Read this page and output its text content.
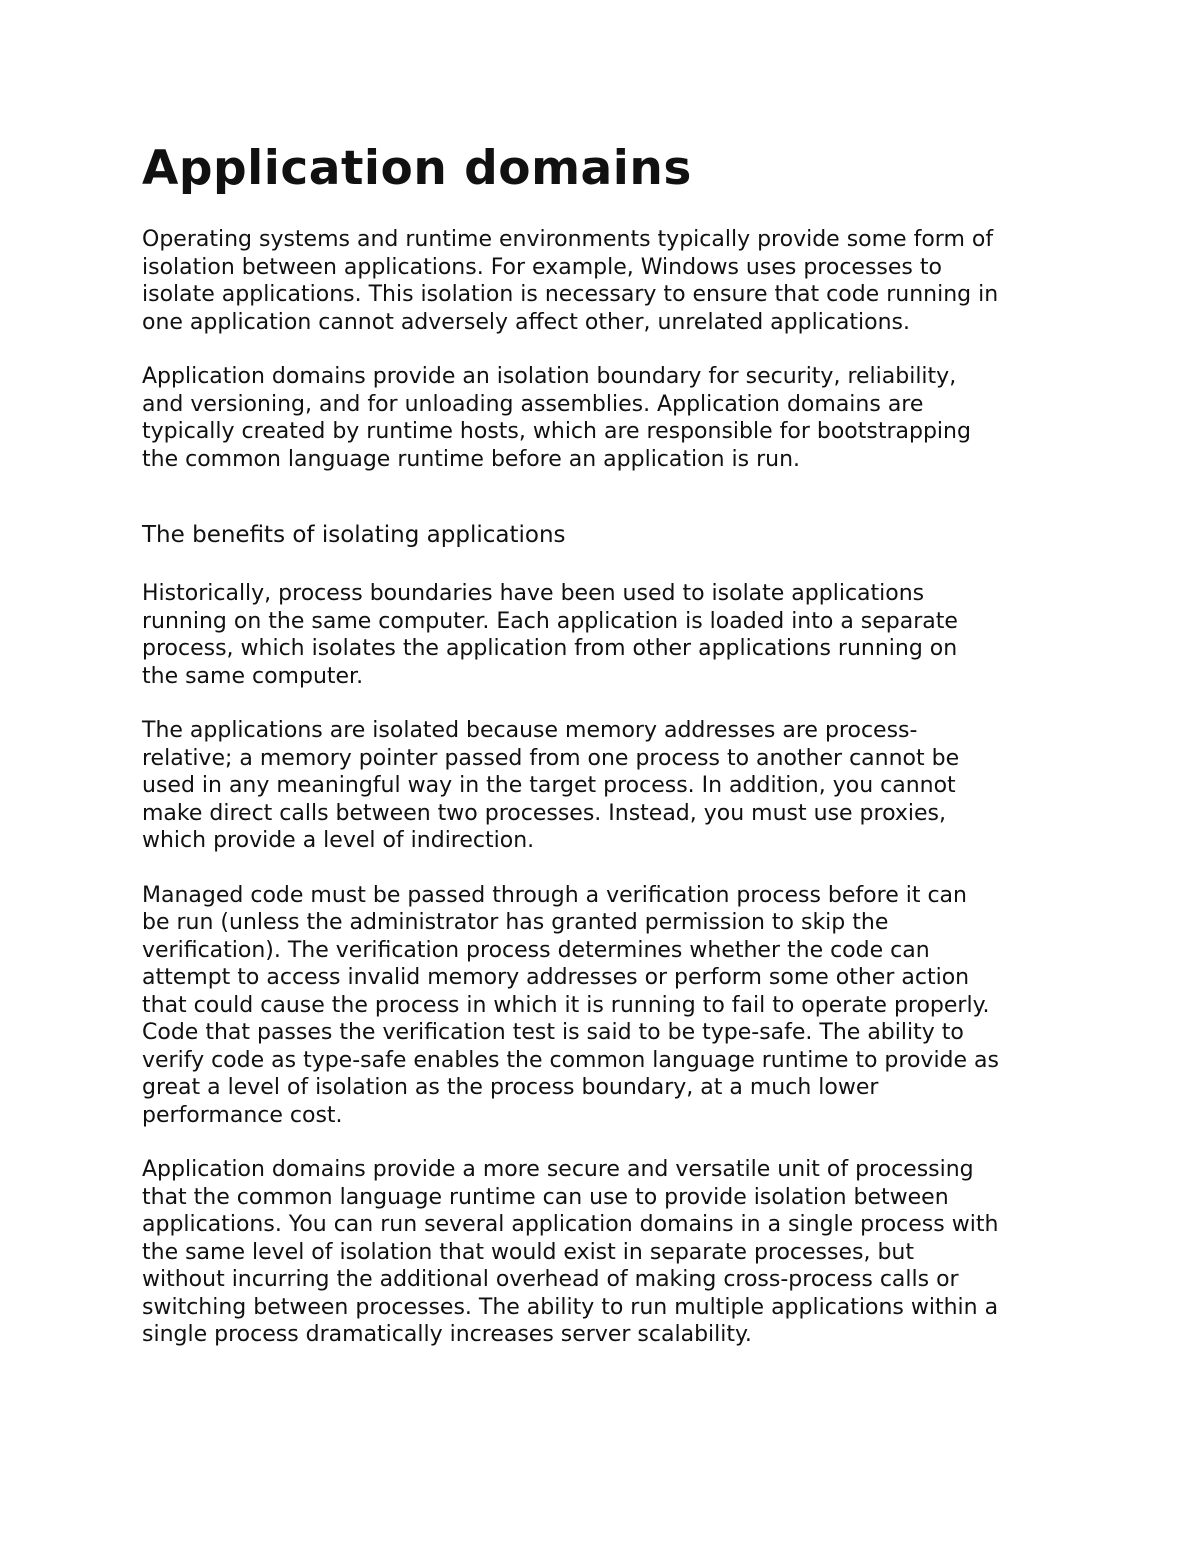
Application domains

Operating systems and runtime environments typically provide some form of
isolation between applications. For example, Windows uses processes to
isolate applications. This isolation is necessary to ensure that code running in
one application cannot adversely affect other, unrelated applications.

Application domains provide an isolation boundary for security, reliability,
and versioning, and for unloading assemblies. Application domains are
typically created by runtime hosts, which are responsible for bootstrapping
the common language runtime before an application is run.

The benefits of isolating applications

Historically, process boundaries have been used to isolate applications
running on the same computer. Each application is loaded into a separate
process, which isolates the application from other applications running on
the same computer.

The applications are isolated because memory addresses are process-
relative; a memory pointer passed from one process to another cannot be
used in any meaningful way in the target process. In addition, you cannot
make direct calls between two processes. Instead, you must use proxies,
which provide a level of indirection.

Managed code must be passed through a verification process before it can
be run (unless the administrator has granted permission to skip the
verification). The verification process determines whether the code can
attempt to access invalid memory addresses or perform some other action
that could cause the process in which it is running to fail to operate properly.
Code that passes the verification test is said to be type-safe. The ability to
verify code as type-safe enables the common language runtime to provide as
great a level of isolation as the process boundary, at a much lower
performance cost.

Application domains provide a more secure and versatile unit of processing
that the common language runtime can use to provide isolation between
applications. You can run several application domains in a single process with
the same level of isolation that would exist in separate processes, but
without incurring the additional overhead of making cross-process calls or
switching between processes. The ability to run multiple applications within a
single process dramatically increases server scalability.
